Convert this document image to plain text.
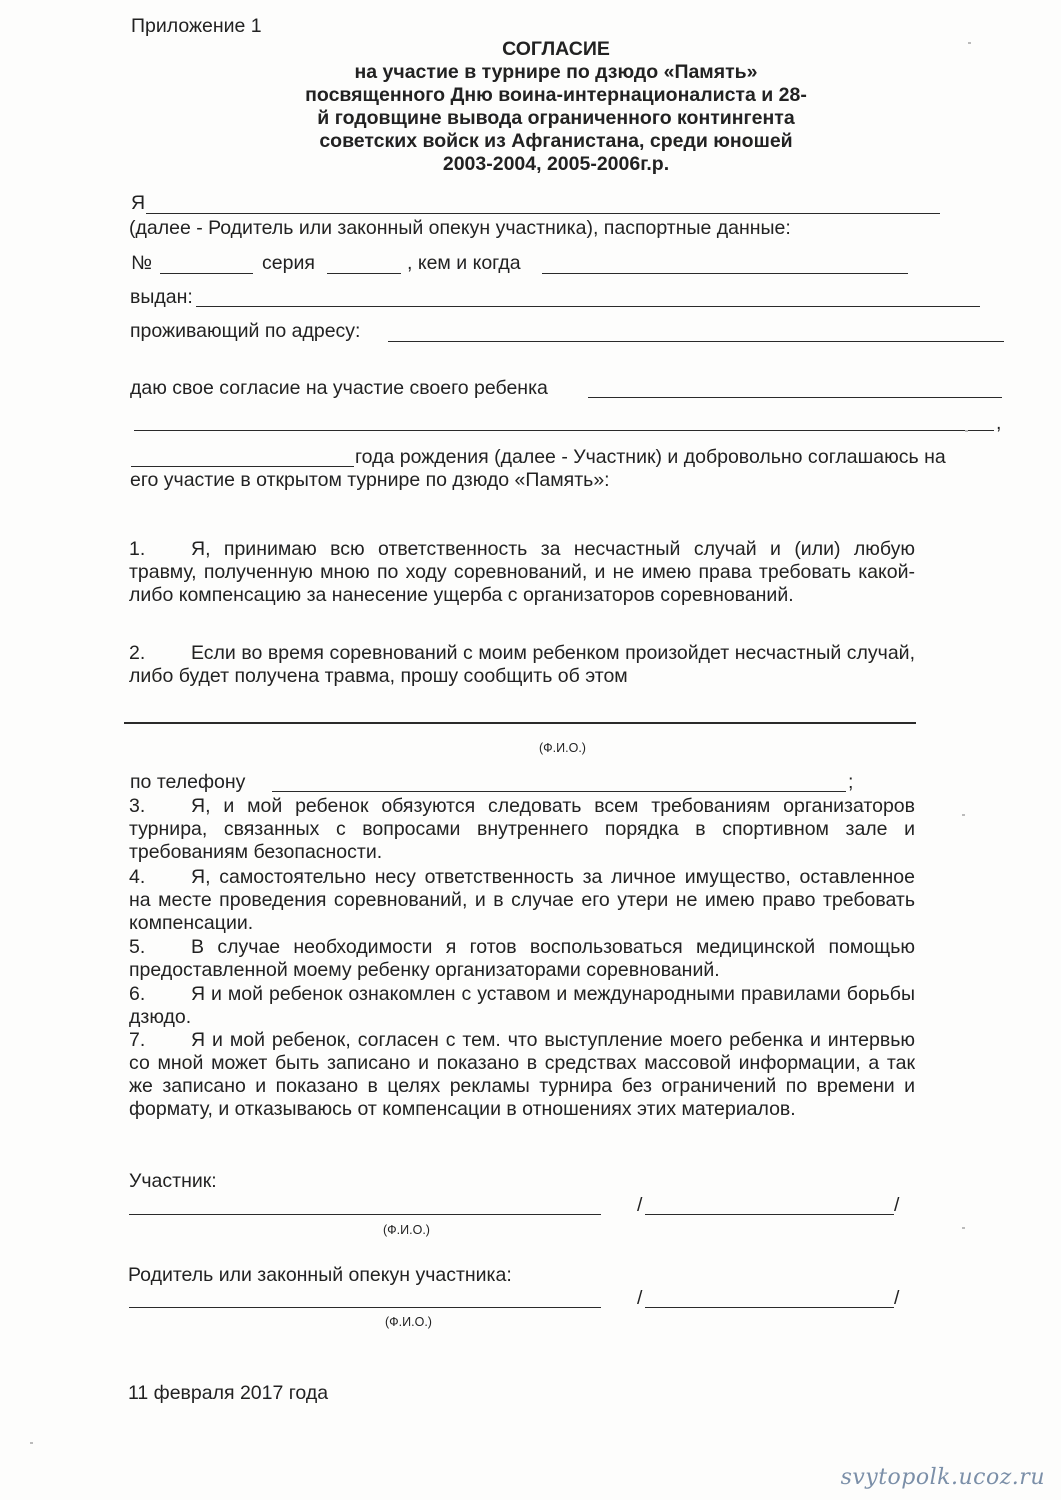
Приложение 1
СОГЛАСИЕ
на участие в турнире по дзюдо «Память»
посвященного Дню воина-интернационалиста и 28-
й годовщине вывода ограниченного контингента
советских войск из Афганистана, среди юношей
2003-2004, 2005-2006г.р.
Я
(далее - Родитель или законный опекун участника), паспортные данные:
№	серия	, кем и когда
выдан:
проживающий по адресу:
даю свое согласие на участие своего ребенка
,
года рождения (далее - Участник) и добровольно соглашаюсь на
его участие в открытом турнире по дзюдо «Память»:
1. Я, принимаю всю ответственность за несчастный случай и (или) любую травму, полученную мною по ходу соревнований, и не имею права требовать какой-либо компенсацию за нанесение ущерба с организаторов соревнований.
2. Если во время соревнований с моим ребенком произойдет несчастный случай, либо будет получена травма, прошу сообщить об этом
(Ф.И.О.)
по телефону	;
3. Я, и мой ребенок обязуются следовать всем требованиям организаторов турнира, связанных с вопросами внутреннего порядка в спортивном зале и требованиям безопасности.
4. Я, самостоятельно несу ответственность за личное имущество, оставленное на месте проведения соревнований, и в случае его утери не имею право требовать компенсации.
5. В случае необходимости я готов воспользоваться медицинской помощью предоставленной моему ребенку организаторами соревнований.
6. Я и мой ребенок ознакомлен с уставом и международными правилами борьбы дзюдо.
7. Я и мой ребенок, согласен с тем. что выступление моего ребенка и интервью со мной может быть записано и показано в средствах массовой информации, а так же записано и показано в целях рекламы турнира без ограничений по времени и формату, и отказываюсь от компенсации в отношениях этих материалов.
Участник:
/	/
(Ф.И.О.)
Родитель или законный опекун участника:
/	/
(Ф.И.О.)
11 февраля 2017 года
svytopolk.ucoz.ru
